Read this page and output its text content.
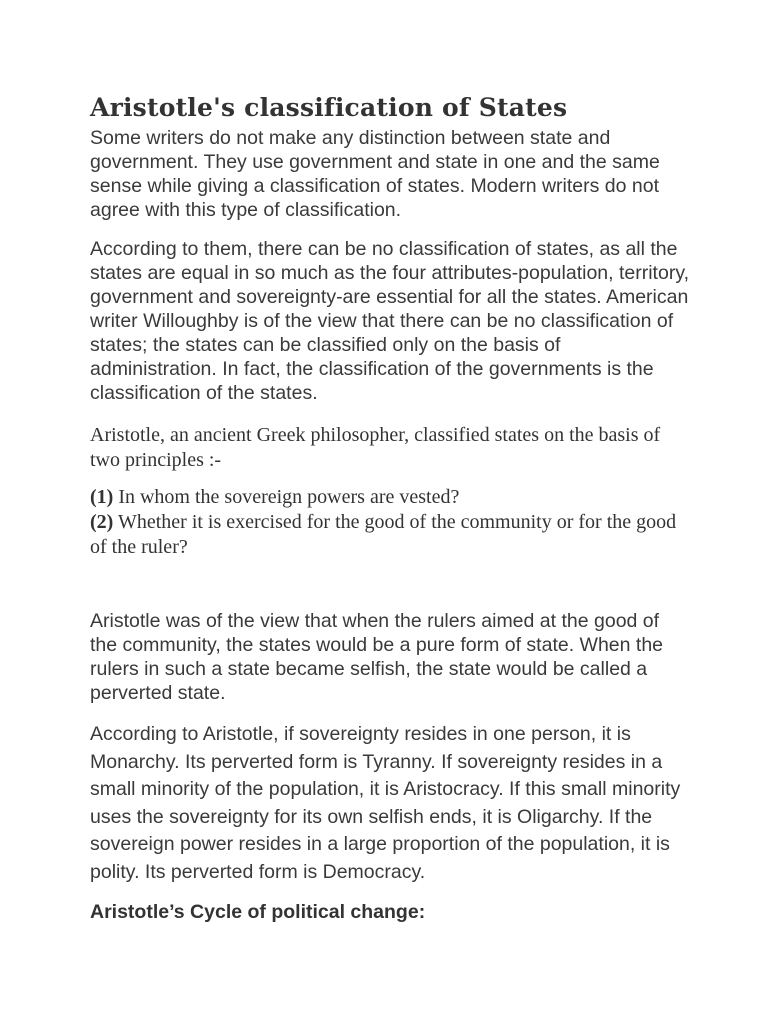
Aristotle's classification of States

Some writers do not make any distinction between state and government. They use government and state in one and the same sense while giving a classification of states. Modern writers do not agree with this type of classification.

According to them, there can be no classification of states, as all the states are equal in so much as the four attributes-population, territory, government and sovereignty-are essential for all the states. American writer Willoughby is of the view that there can be no classification of states; the states can be classified only on the basis of administration. In fact, the classification of the governments is the classification of the states.

Aristotle, an ancient Greek philosopher, classified states on the basis of two principles :-

(1) In whom the sovereign powers are vested?
(2) Whether it is exercised for the good of the community or for the good of the ruler?

Aristotle was of the view that when the rulers aimed at the good of the community, the states would be a pure form of state. When the rulers in such a state became selfish, the state would be called a perverted state.

According to Aristotle, if sovereignty resides in one person, it is Monarchy. Its perverted form is Tyranny. If sovereignty resides in a small minority of the population, it is Aristocracy. If this small minority uses the sovereignty for its own selfish ends, it is Oligarchy. If the sovereign power resides in a large proportion of the population, it is polity. Its perverted form is Democracy.

Aristotle’s Cycle of political change:
